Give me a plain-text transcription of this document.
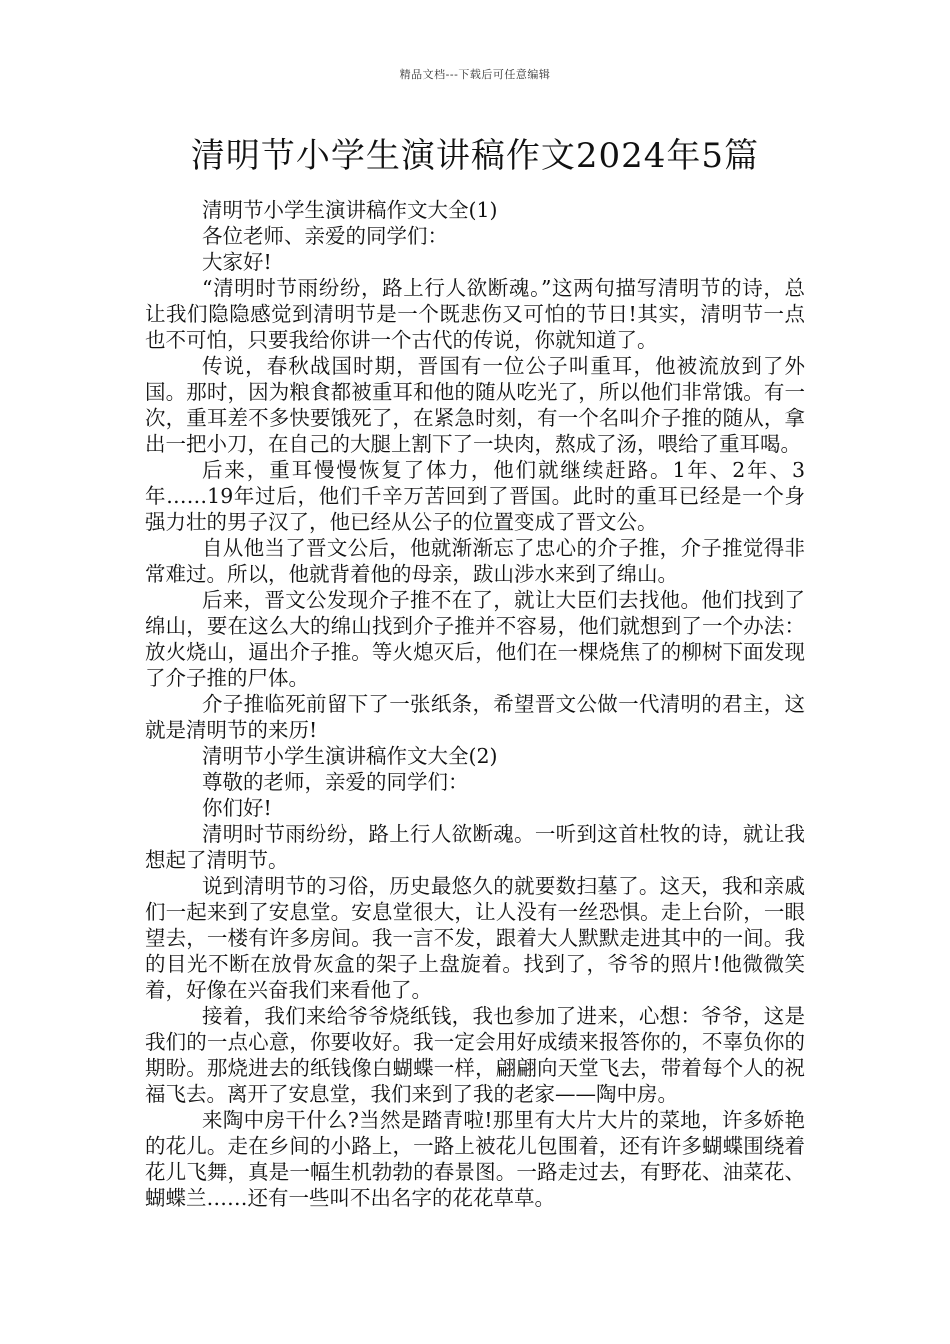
精品文档---下载后可任意编辑
清明节小学生演讲稿作文2024年5篇

清明节小学生演讲稿作文大全(1)

各位老师、亲爱的同学们：

大家好!

“清明时节雨纷纷，路上行人欲断魂。”这两句描写清明节的诗，总让我们隐隐感觉到清明节是一个既悲伤又可怕的节日!其实，清明节一点也不可怕，只要我给你讲一个古代的传说，你就知道了。

传说，春秋战国时期，晋国有一位公子叫重耳，他被流放到了外国。那时，因为粮食都被重耳和他的随从吃光了，所以他们非常饿。有一次，重耳差不多快要饿死了，在紧急时刻，有一个名叫介子推的随从，拿出一把小刀，在自己的大腿上割下了一块肉，熬成了汤，喂给了重耳喝。

后来，重耳慢慢恢复了体力，他们就继续赶路。1年、2年、3年……19年过后，他们千辛万苦回到了晋国。此时的重耳已经是一个身强力壮的男子汉了，他已经从公子的位置变成了晋文公。

自从他当了晋文公后，他就渐渐忘了忠心的介子推，介子推觉得非常难过。所以，他就背着他的母亲，跋山涉水来到了绵山。

后来，晋文公发现介子推不在了，就让大臣们去找他。他们找到了绵山，要在这么大的绵山找到介子推并不容易，他们就想到了一个办法：放火烧山，逼出介子推。等火熄灭后，他们在一棵烧焦了的柳树下面发现了介子推的尸体。

介子推临死前留下了一张纸条，希望晋文公做一代清明的君主，这就是清明节的来历!

清明节小学生演讲稿作文大全(2)

尊敬的老师，亲爱的同学们：

你们好!

清明时节雨纷纷，路上行人欲断魂。一听到这首杜牧的诗，就让我想起了清明节。

说到清明节的习俗，历史最悠久的就要数扫墓了。这天，我和亲戚们一起来到了安息堂。安息堂很大，让人没有一丝恐惧。走上台阶，一眼望去，一楼有许多房间。我一言不发，跟着大人默默走进其中的一间。我的目光不断在放骨灰盒的架子上盘旋着。找到了，爷爷的照片!他微微笑着，好像在兴奋我们来看他了。

接着，我们来给爷爷烧纸钱，我也参加了进来，心想：爷爷，这是我们的一点心意，你要收好。我一定会用好成绩来报答你的，不辜负你的期盼。那烧进去的纸钱像白蝴蝶一样，翩翩向天堂飞去，带着每个人的祝福飞去。离开了安息堂，我们来到了我的老家——陶中房。

来陶中房干什么?当然是踏青啦!那里有大片大片的菜地，许多娇艳的花儿。走在乡间的小路上，一路上被花儿包围着，还有许多蝴蝶围绕着花儿飞舞，真是一幅生机勃勃的春景图。一路走过去，有野花、油菜花、蝴蝶兰……还有一些叫不出名字的花花草草。
